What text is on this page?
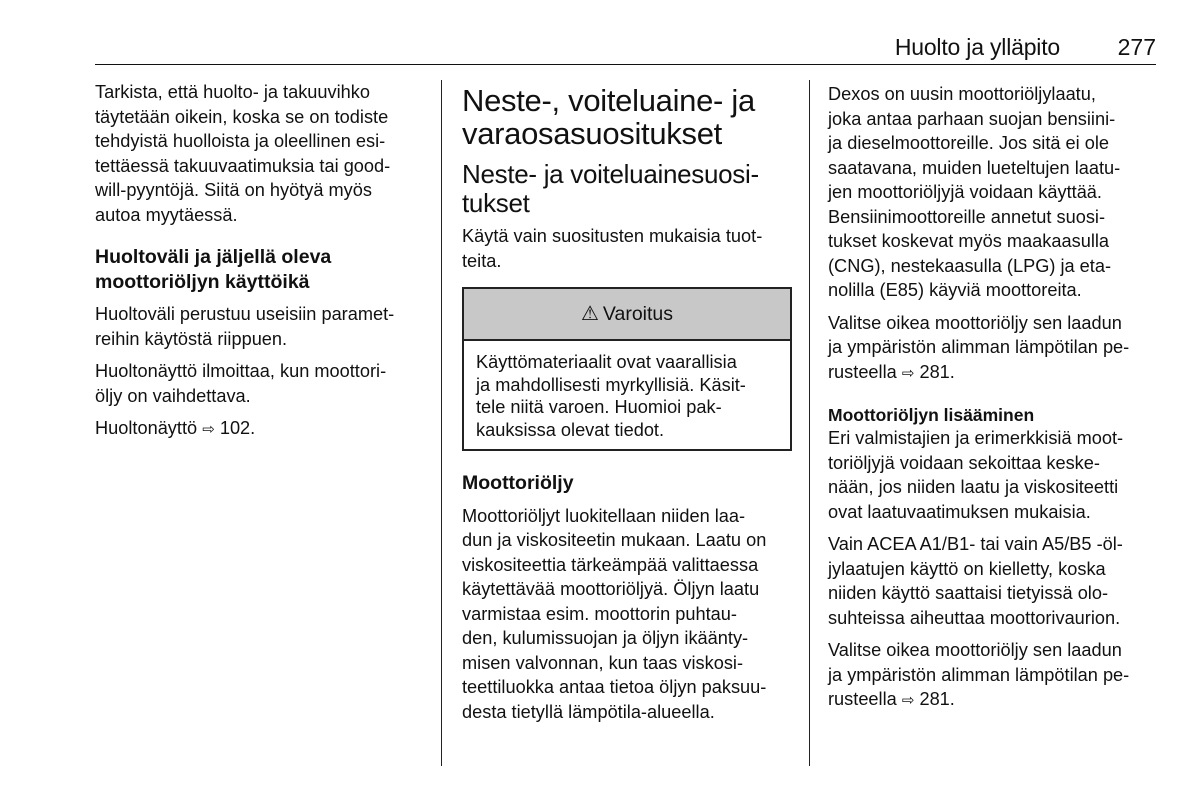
Huolto ja ylläpito	277

Tarkista, että huolto- ja takuuvihko
täytetään oikein, koska se on todiste
tehdyistä huolloista ja oleellinen esi-
tettäessä takuuvaatimuksia tai good-
will-pyyntöjä. Siitä on hyötyä myös
autoa myytäessä.

Huoltoväli ja jäljellä oleva
moottoriöljyn käyttöikä

Huoltoväli perustuu useisiin paramet-
reihin käytöstä riippuen.

Huoltonäyttö ilmoittaa, kun moottori-
öljy on vaihdettava.

Huoltonäyttö ⇨ 102.

Neste-, voiteluaine- ja
varaosasuositukset
Neste- ja voiteluainesuosi-
tukset

Käytä vain suositusten mukaisia tuot-
teita.

⚠ Varoitus
Käyttömateriaalit ovat vaarallisia
ja mahdollisesti myrkyllisiä. Käsit-
tele niitä varoen. Huomioi pak-
kauksissa olevat tiedot.
Moottoriöljy

Moottoriöljyt luokitellaan niiden laa-
dun ja viskositeetin mukaan. Laatu on
viskositeettia tärkeämpää valittaessa
käytettävää moottoriöljyä. Öljyn laatu
varmistaa esim. moottorin puhtau-
den, kulumissuojan ja öljyn ikäänty-
misen valvonnan, kun taas viskosi-
teettiluokka antaa tietoa öljyn paksuu-
desta tietyllä lämpötila-alueella.

Dexos on uusin moottoriöljylaatu,
joka antaa parhaan suojan bensiini-
ja dieselmoottoreille. Jos sitä ei ole
saatavana, muiden lueteltujen laatu-
jen moottoriöljyjä voidaan käyttää.
Bensiinimoottoreille annetut suosi-
tukset koskevat myös maakaasulla
(CNG), nestekaasulla (LPG) ja eta-
nolilla (E85) käyviä moottoreita.

Valitse oikea moottoriöljy sen laadun
ja ympäristön alimman lämpötilan pe-
rusteella ⇨ 281.

Moottoriöljyn lisääminen

Eri valmistajien ja erimerkkisiä moot-
toriöljyjä voidaan sekoittaa keske-
nään, jos niiden laatu ja viskositeetti
ovat laatuvaatimuksen mukaisia.

Vain ACEA A1/B1- tai vain A5/B5 -öl-
jylaatujen käyttö on kielletty, koska
niiden käyttö saattaisi tietyissä olo-
suhteissa aiheuttaa moottorivaurion.

Valitse oikea moottoriöljy sen laadun
ja ympäristön alimman lämpötilan pe-
rusteella ⇨ 281.
